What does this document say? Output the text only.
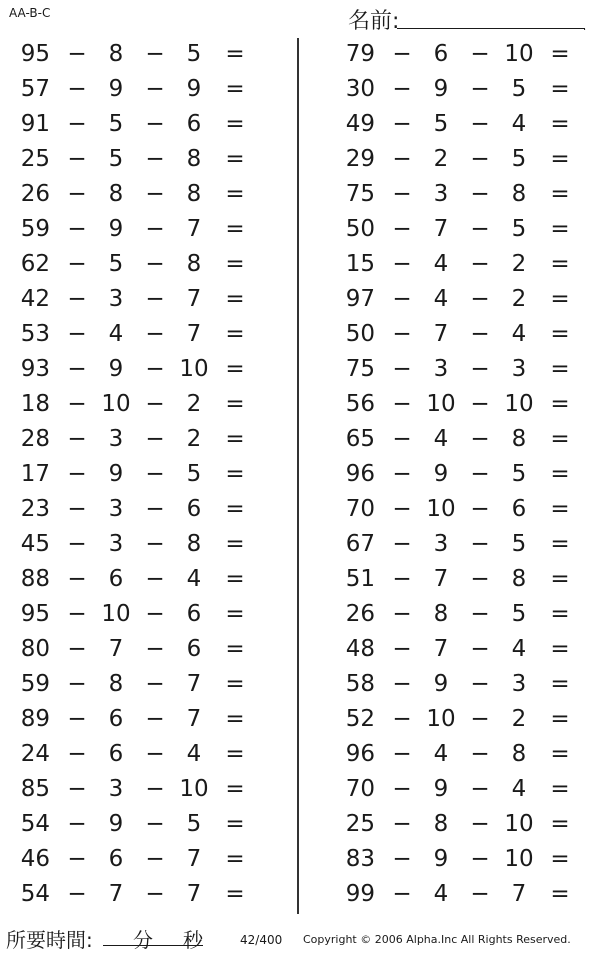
AA-B-C	名前:	.
95 − 8 − 5	=
57 − 9 − 9	=
91 − 5 − 6	=
25 − 5 − 8	=
26 − 8 − 8	=
59 − 9 − 7	=
62 − 5 − 8	=
42 − 3 − 7	=
53 − 4 − 7	=
93 − 9 − 10 =
18 − 10 − 2	=
28 − 3 − 2	=
17 − 9 − 5	=
23 − 3 − 6	=
45 − 3 − 8	=
88 − 6 − 4	=
95 − 10 − 6	=
80 − 7 − 6	=
59 − 8 − 7	=
89 − 6 − 7	=
24 − 6 − 4	=
85 − 3 − 10 =
54 − 9 − 5	=
46 − 6 − 7	=
54 − 7 − 7	=
79 − 6 − 10 =
30 − 9 − 5	=
49 − 5 − 4	=
29 − 2 − 5	=
75 − 3 − 8	=
50 − 7 − 5	=
15 − 4 − 2	=
97 − 4 − 2	=
50 − 7 − 4	=
75 − 3 − 3	=
56 − 10 − 10 =
65 − 4 − 8	=
96 − 9 − 5	=
70 − 10 − 6	=
67 − 3 − 5	=
51 − 7 − 8	=
26 − 8 − 5	=
48 − 7 − 4	=
58 − 9 − 3	=
52 − 10 − 2	=
96 − 4 − 8	=
70 − 9 − 4	=
25 − 8 − 10 =
83 − 9 − 10 =
99 − 4 − 7	=
所要時間: 分 秒	42/400 Copyright © 2006 Alpha.Inc All Rights Reserved.
